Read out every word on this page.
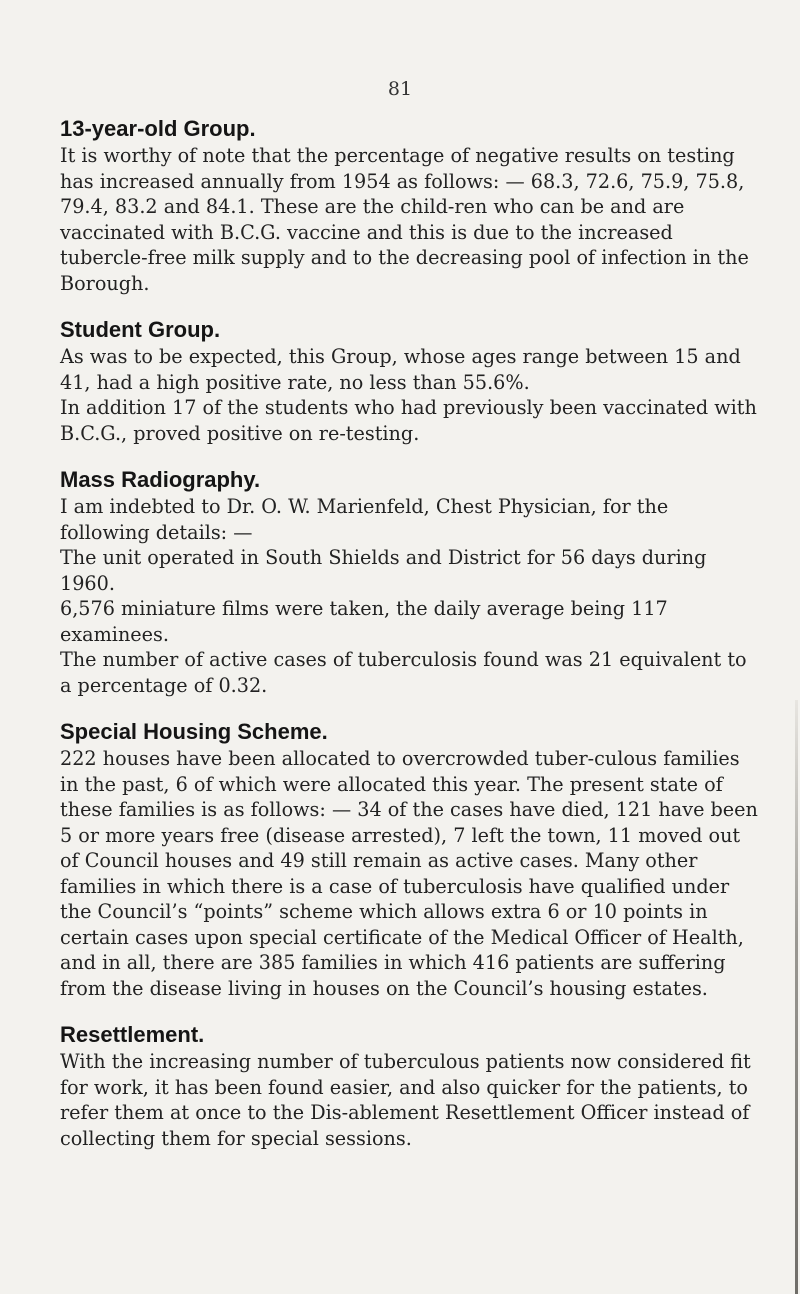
81
13-year-old Group.

It is worthy of note that the percentage of negative results on testing has increased annually from 1954 as follows: — 68.3, 72.6, 75.9, 75.8, 79.4, 83.2 and 84.1. These are the child-ren who can be and are vaccinated with B.C.G. vaccine and this is due to the increased tubercle-free milk supply and to the decreasing pool of infection in the Borough.

Student Group.

As was to be expected, this Group, whose ages range between 15 and 41, had a high positive rate, no less than 55.6%.

In addition 17 of the students who had previously been vaccinated with B.C.G., proved positive on re-testing.

Mass Radiography.

I am indebted to Dr. O. W. Marienfeld, Chest Physician, for the following details: —

The unit operated in South Shields and District for 56 days during 1960.

6,576 miniature films were taken, the daily average being 117 examinees.

The number of active cases of tuberculosis found was 21 equivalent to a percentage of 0.32.

Special Housing Scheme.

222 houses have been allocated to overcrowded tuber-culous families in the past, 6 of which were allocated this year. The present state of these families is as follows: — 34 of the cases have died, 121 have been 5 or more years free (disease arrested), 7 left the town, 11 moved out of Council houses and 49 still remain as active cases. Many other families in which there is a case of tuberculosis have qualified under the Council’s “points” scheme which allows extra 6 or 10 points in certain cases upon special certificate of the Medical Officer of Health, and in all, there are 385 families in which 416 patients are suffering from the disease living in houses on the Council’s housing estates.

Resettlement.

With the increasing number of tuberculous patients now considered fit for work, it has been found easier, and also quicker for the patients, to refer them at once to the Dis-ablement Resettlement Officer instead of collecting them for special sessions.
